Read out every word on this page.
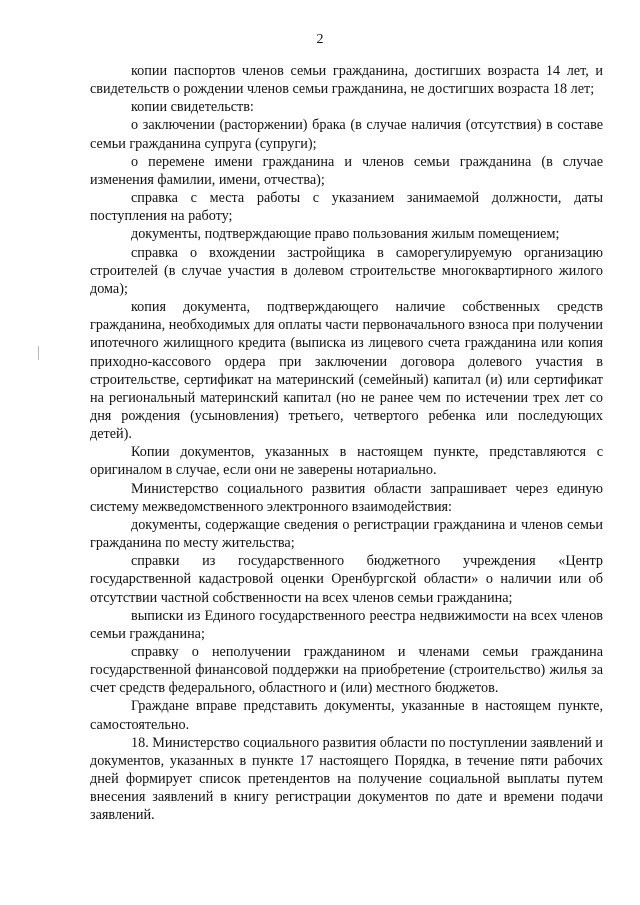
2

копии паспортов членов семьи гражданина, достигших возраста 14 лет, и свидетельств о рождении членов семьи гражданина, не достигших возраста 18 лет;

копии свидетельств:

о заключении (расторжении) брака (в случае наличия (отсутствия) в составе семьи гражданина супруга (супруги);

о перемене имени гражданина и членов семьи гражданина (в случае изменения фамилии, имени, отчества);

справка с места работы с указанием занимаемой должности, даты поступления на работу;

документы, подтверждающие право пользования жилым помещением;

справка о вхождении застройщика в саморегулируемую организацию строителей (в случае участия в долевом строительстве многоквартирного жилого дома);

копия документа, подтверждающего наличие собственных средств гражданина, необходимых для оплаты части первоначального взноса при получении ипотечного жилищного кредита (выписка из лицевого счета гражданина или копия приходно-кассового ордера при заключении договора долевого участия в строительстве, сертификат на материнский (семейный) капитал (и) или сертификат на региональный материнский капитал (но не ранее чем по истечении трех лет со дня рождения (усыновления) третьего, четвертого ребенка или последующих детей).

Копии документов, указанных в настоящем пункте, представляются с оригиналом в случае, если они не заверены нотариально.

Министерство социального развития области запрашивает через единую систему межведомственного электронного взаимодействия:

документы, содержащие сведения о регистрации гражданина и членов семьи гражданина по месту жительства;

справки из государственного бюджетного учреждения «Центр государственной кадастровой оценки Оренбургской области» о наличии или об отсутствии частной собственности на всех членов семьи гражданина;

выписки из Единого государственного реестра недвижимости на всех членов семьи гражданина;

справку о неполучении гражданином и членами семьи гражданина государственной финансовой поддержки на приобретение (строительство) жилья за счет средств федерального, областного и (или) местного бюджетов.

Граждане вправе представить документы, указанные в настоящем пункте, самостоятельно.

18. Министерство социального развития области по поступлении заявлений и документов, указанных в пункте 17 настоящего Порядка, в течение пяти рабочих дней формирует список претендентов на получение социальной выплаты путем внесения заявлений в книгу регистрации документов по дате и времени подачи заявлений.
